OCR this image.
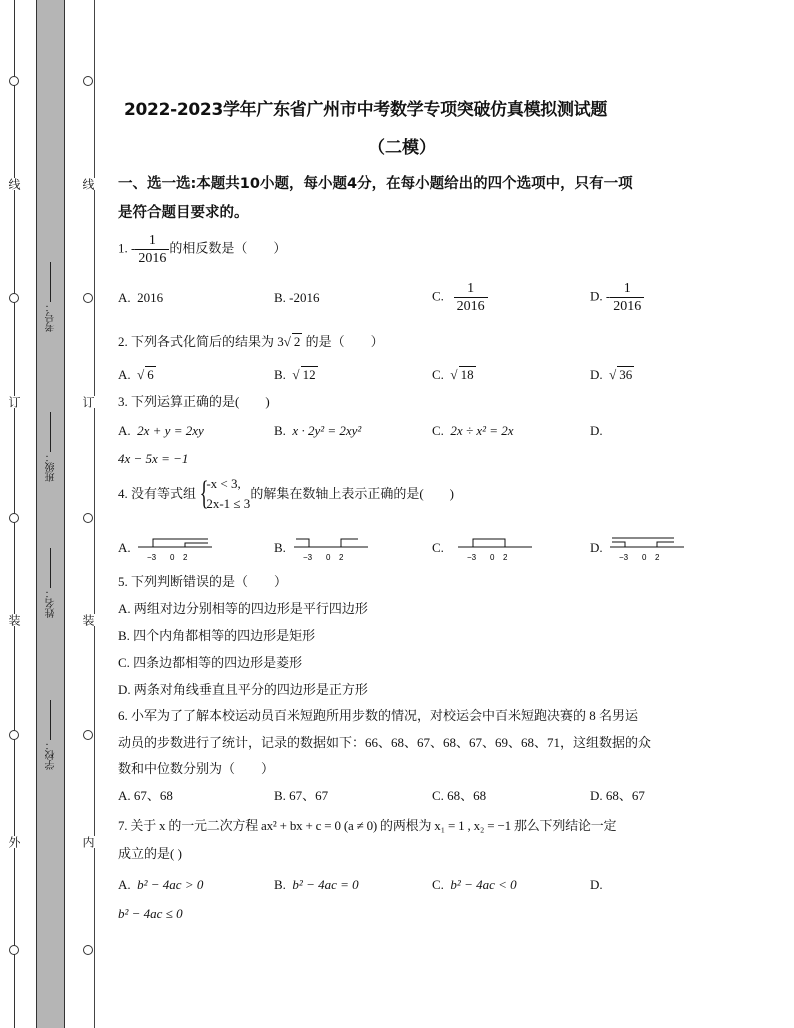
线
订
装
外
线
订
装
内
考号：
班级：
姓名：
学校：
2022-2023学年广东省广州市中考数学专项突破仿真模拟测试题
（二模）
一、选一选:本题共10小题，每小题4分，在每小题给出的四个选项中，只有一项
是符合题目要求的。
1. - $\frac{1}{2016}$ 的相反数是（　　）
A. 2016	B. -2016	C. $\frac{1}{2016}$	D. - $\frac{1}{2016}$
2. 下列各式化简后的结果为 3√ 2 的是（　　）
A.  √ 6	B.  √ 12	C.  √ 18	D.  √ 36
3. 下列运算正确的是(　　)
A. 2x + y = 2xy	B. x · 2y² = 2xy²	C. 2x ÷ x² = 2x	D.
4x − 5x = −1
4. 没有等式组 {
-x < 3,
2x-1 ≤ 3
的解集在数轴上表示正确的是(　　)
A.
−3 0 2
B.
−3 0 2
C.
−3 0 2
D.
−3 0 2
5. 下列判断错误的是（　　）
A. 两组对边分别相等的四边形是平行四边形
B. 四个内角都相等的四边形是矩形
C. 四条边都相等的四边形是菱形
D. 两条对角线垂直且平分的四边形是正方形
6. 小军为了了解本校运动员百米短跑所用步数的情况，对校运会中百米短跑决赛的 8 名男运
动员的步数进行了统计，记录的数据如下：66、68、67、68、67、69、68、71，这组数据的众
数和中位数分别为（　　）
A. 67、68	B. 67、67	C. 68、68	D. 68、67
7. 关于 x 的一元二次方程 ax² + bx + c = 0 (a ≠ 0) 的两根为 x₁ = 1 , x₂ = −1 那么下列结论一定
成立的是( )
A. b² − 4ac > 0	B. b² − 4ac = 0	C. b² − 4ac < 0	D.
b² − 4ac ≤ 0
